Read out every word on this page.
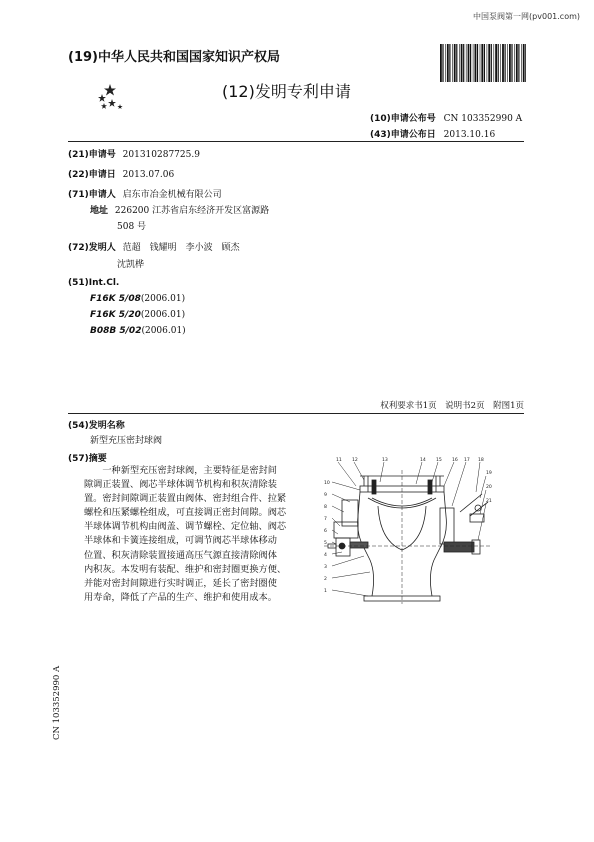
中国泵阀第一网(pv001.com)
(19)中华人民共和国国家知识产权局
(12)发明专利申请
(10)申请公布号 CN 103352990 A
(43)申请公布日 2013.10.16
(21)申请号 201310287725.9
(22)申请日 2013.07.06
(71)申请人 启东市冶金机械有限公司
地址 226200 江苏省启东经济开发区富源路
508 号
(72)发明人 范超　钱耀明　李小波　顾杰
沈凯桦
(51)Int.Cl.
F16K 5/08(2006.01)
F16K 5/20(2006.01)
B08B 5/02(2006.01)
权利要求书1页　说明书2页　附图1页
(54)发明名称
新型充压密封球阀
(57)摘要
　　一种新型充压密封球阀，主要特征是密封间
隙调正装置、阀芯半球体调节机构和积灰清除装
置。密封间隙调正装置由阀体、密封组合件、拉紧
螺栓和压紧螺栓组成，可直接调正密封间隙。阀芯
半球体调节机构由阀盖、调节螺栓、定位轴、阀芯
半球体和卡簧连接组成，可调节阀芯半球体移动
位置、积灰清除装置接通高压气源直接清除阀体
内积灰。本发明有装配、维护和密封圈更换方便、
并能对密封间隙进行实时调正，延长了密封圈使
用寿命，降低了产品的生产、维护和使用成本。
CN 103352990 A
11 12	13	14 15 16 17 18
10
9
8
7
6
5
4
3
2
1
19
20
21
